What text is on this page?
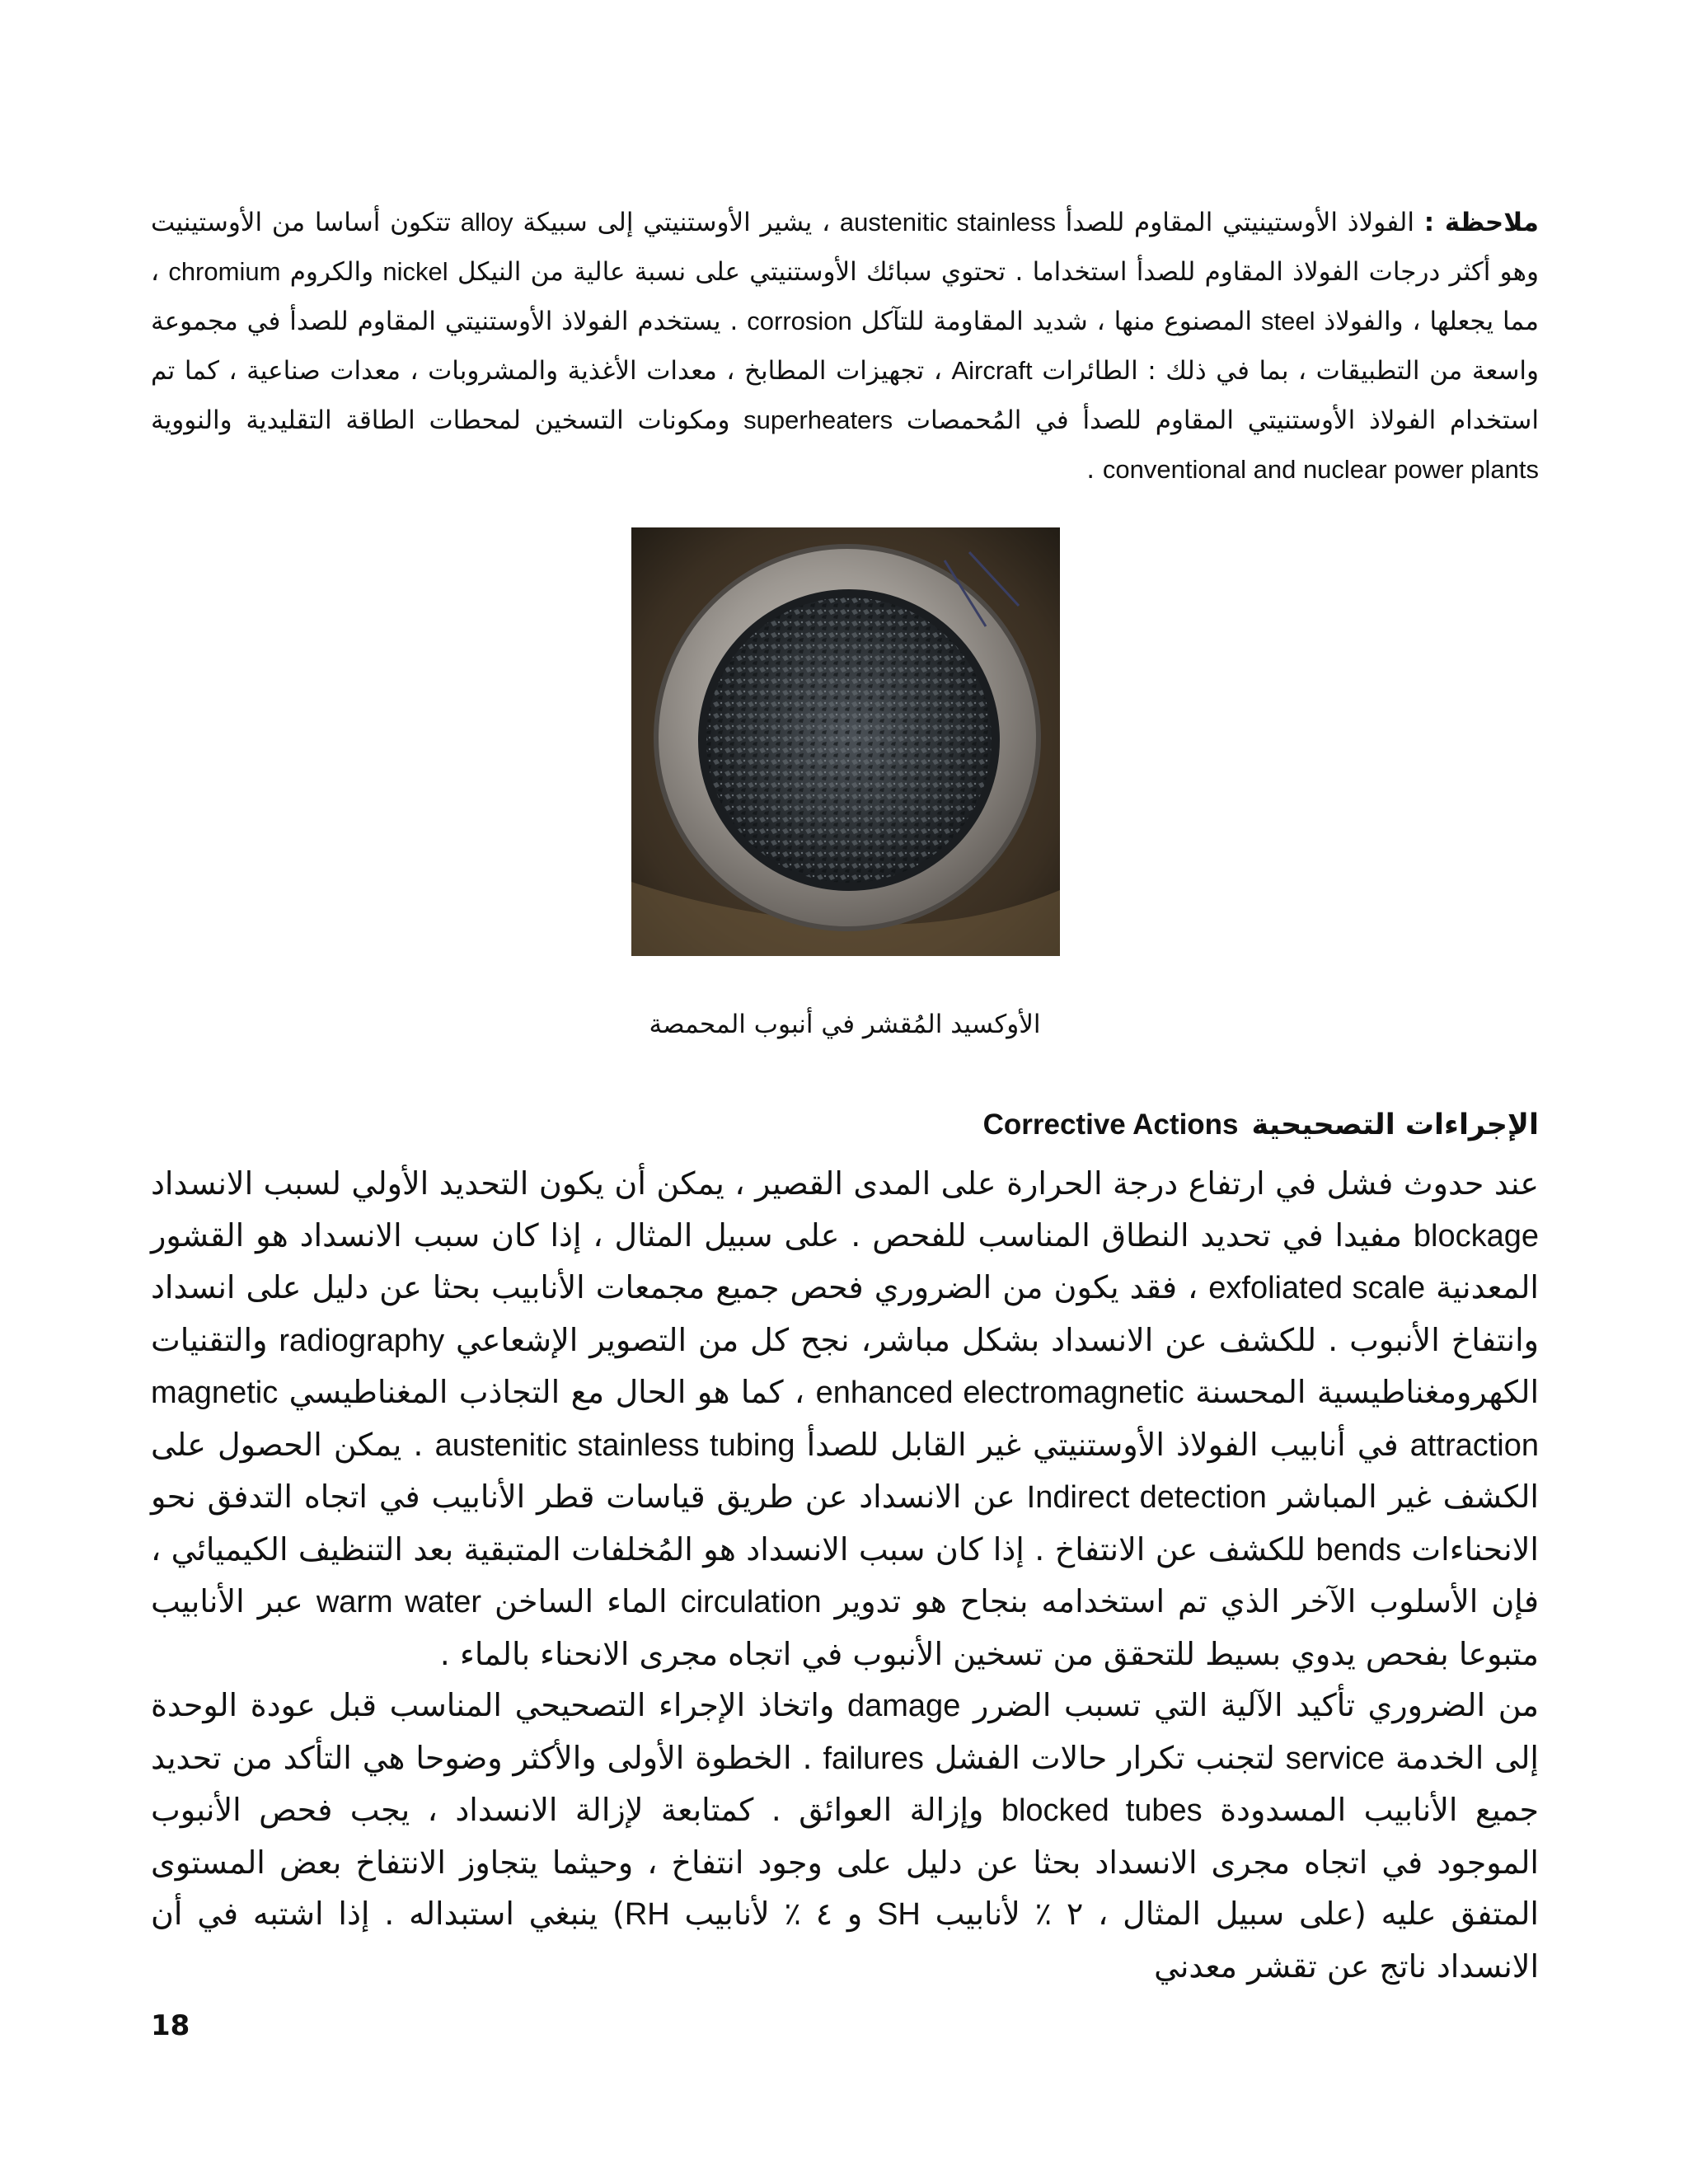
ملاحظة : الفولاذ الأوستينيتي المقاوم للصدأ austenitic stainless ، يشير الأوستنيتي إلى سبيكة alloy تتكون أساسا من الأوستينيت وهو أكثر درجات الفولاذ المقاوم للصدأ استخداما . تحتوي سبائك الأوستنيتي على نسبة عالية من النيكل nickel والكروم chromium ، مما يجعلها ، والفولاذ steel المصنوع منها ، شديد المقاومة للتآكل corrosion . يستخدم الفولاذ الأوستنيتي المقاوم للصدأ في مجموعة واسعة من التطبيقات ، بما في ذلك : الطائرات Aircraft ، تجهيزات المطابخ ، معدات الأغذية والمشروبات ، معدات صناعية ، كما تم استخدام الفولاذ الأوستنيتي المقاوم للصدأ في المُحمصات superheaters ومكونات التسخين لمحطات الطاقة التقليدية والنووية conventional and nuclear power plants .
الأوكسيد المُقشر في أنبوب المحمصة
الإجراءات التصحيحيةCorrective Actions

عند حدوث فشل في ارتفاع درجة الحرارة على المدى القصير ، يمكن أن يكون التحديد الأولي لسبب الانسداد blockage مفيدا في تحديد النطاق المناسب للفحص . على سبيل المثال ، إذا كان سبب الانسداد هو القشور المعدنية exfoliated scale ، فقد يكون من الضروري فحص جميع مجمعات الأنابيب بحثا عن دليل على انسداد وانتفاخ الأنبوب . للكشف عن الانسداد بشكل مباشر، نجح كل من التصوير الإشعاعي radiography والتقنيات الكهرومغناطيسية المحسنة enhanced electromagnetic ، كما هو الحال مع التجاذب المغناطيسي magnetic attraction في أنابيب الفولاذ الأوستنيتي غير القابل للصدأ austenitic stainless tubing . يمكن الحصول على الكشف غير المباشر Indirect detection عن الانسداد عن طريق قياسات قطر الأنابيب في اتجاه التدفق نحو الانحناءات bends للكشف عن الانتفاخ . إذا كان سبب الانسداد هو المُخلفات المتبقية بعد التنظيف الكيميائي ، فإن الأسلوب الآخر الذي تم استخدامه بنجاح هو تدوير circulation الماء الساخن warm water عبر الأنابيب متبوعا بفحص يدوي بسيط للتحقق من تسخين الأنبوب في اتجاه مجرى الانحناء بالماء .

من الضروري تأكيد الآلية التي تسبب الضرر damage واتخاذ الإجراء التصحيحي المناسب قبل عودة الوحدة إلى الخدمة service لتجنب تكرار حالات الفشل failures . الخطوة الأولى والأكثر وضوحا هي التأكد من تحديد جميع الأنابيب المسدودة blocked tubes وإزالة العوائق . كمتابعة لإزالة الانسداد ، يجب فحص الأنبوب الموجود في اتجاه مجرى الانسداد بحثا عن دليل على وجود انتفاخ ، وحيثما يتجاوز الانتفاخ بعض المستوى المتفق عليه (على سبيل المثال ، ٢ ٪ لأنابيب SH و ٤ ٪ لأنابيب RH) ينبغي استبداله . إذا اشتبه في أن الانسداد ناتج عن تقشر معدني

18
